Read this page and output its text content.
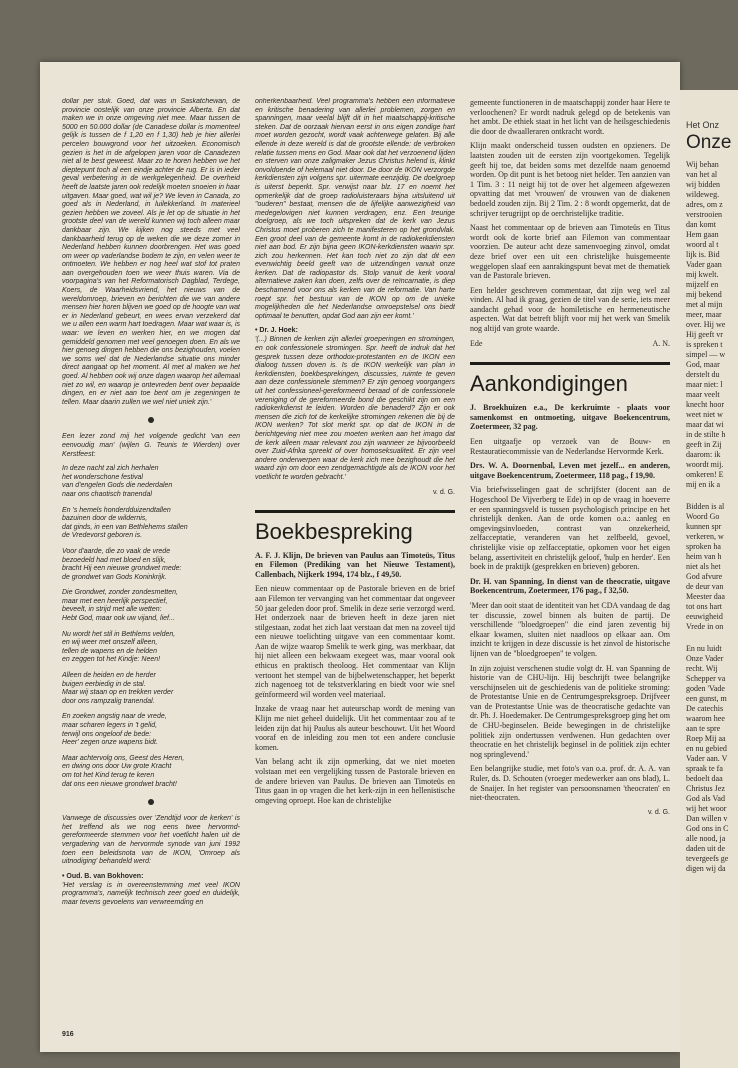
dollar per stuk. Goed, dat was in Saskatchewan, de provincie oostelijk van onze provincie Alberta. En dat maken we in onze omgeving niet mee. Maar tussen de 5000 en 50.000 dollar (de Canadese dollar is momenteel gelijk is tussen de f 1,20 en f 1,30) heb je hier allerlei percelen bouwgrond voor het uitzoeken. Economisch gezien is het in de afgelopen jaren voor de Canadezen niet al te best geweest. Maar zo te horen hebben we het dieptepunt toch al een eindje achter de rug. Er is in ieder geval verbetering in de werkgelegenheid. De overheid heeft de laatste jaren ook redelijk moeten snoeien in haar uitgaven. Maar goed, wat wil je? We leven in Canada, zo goed als in Nederland, in luilekkerland. In materieel gezien hebben we zoveel. Als je let op de situatie in het grootste deel van de wereld kunnen wij toch alleen maar dankbaar zijn. We kijken nog steeds met veel dankbaarheid terug op de weken die we deze zomer in Nederland hebben kunnen doorbrengen. Het was goed om weer op vaderlandse bodem te zijn, en velen weer te ontmoeten. We hebben er nog heel wat stof tot praten aan overgehouden toen we weer thuis waren. Via de voorpagina's van het Reformatorisch Dagblad, Terdege, Koers, de Waarheidsvriend, het nieuws van de wereldomroep, brieven en berichten die we van andere mensen hier horen blijven we goed op de hoogte van wat er in Nederland gebeurt, en wees ervan verzekerd dat we u allen een warm hart toedragen. Maar wat waar is, is waar: we leven en werken hier, en we mogen dat gemiddeld genomen met veel genoegen doen. En als we hier genoeg dingen hebben die ons bezighouden, voelen we soms wel dat de Nederlandse situatie ons minder direct aangaat op het moment. Al met al maken we het goed. Al hebben ook wij onze dagen waarop het allemaal niet zo wil, en waarop je ontevreden bent over bepaalde dingen, en er niet aan toe bent om je zegeningen te tellen. Maar daarin zullen we wel niet uniek zijn.'

Een lezer zond mij het volgende gedicht 'van een eenvoudig man' (wijlen G. Teunis te Wierden) over Kerstfeest:

In deze nacht zal zich herhalen
het wonderschone festival
van d'engelen Gods die nederdalen
naar ons chaotisch tranendal

En 's hemels honderdduizendtallen
bazuinen door de wildernis,
dat ginds, in een van Bethlehems stallen
de Vredevorst geboren is.

Voor d'aarde, die zo vaak de vrede
bezoedeld had met bloed en slijk,
bracht Hij een nieuwe grondwet mede:
de grondwet van Gods Koninkrijk.

Die Grondwet, zonder zondesmetten,
maar met een heerlijk perspectief,
beveelt, in strijd met alle wetten:
Hebt God, maar ook uw vijand, lief...

Nu wordt het stil in Bethlems velden,
en wij weer met onszelf alleen,
tellen de wapens en de helden
en zeggen tot het Kindje: Neen!

Alleen de heiden en de herder
buigen eerbiedig in de stal.
Maar wij staan op en trekken verder
door ons rampzalig tranendal.

En zoeken angstig naar de vrede,
maar scharen legers in 't gelid,
terwijl ons ongeloof de bede:
Heer' zegen onze wapens bidt.

Maar achtervolg ons, Geest des Heren,
en dwing ons door Uw grote Kracht
om tot het Kind terug te keren
dat ons een nieuwe grondwet bracht!

Vanwege de discussies over 'Zendtijd voor de kerken' is het treffend als we nog eens twee hervormd-gereformeerde stemmen voor het voetlicht halen uit de vergadering van de hervormde synode van juni 1992 toen een beleidsnota van de IKON, 'Omroep als uitnodiging' behandeld werd:

• Oud. B. van Bokhoven:

'Het verslag is in overeenstemming met veel IKON programma's, namelijk technisch zeer goed en duidelijk, maar tevens gevoelens van verwreemding en

onherkenbaarheid. Veel programma's hebben een informatieve en kritische benadering van allerlei problemen, zorgen en spanningen, maar veelal blijft dit in het maatschappij-kritische steken. Dat de oorzaak hiervan eerst in ons eigen zondige hart moet worden gezocht, wordt vaak achterwege gelaten. Bij alle ellende in deze wereld is dat de grootste ellende: de verbroken relatie tussen mens en God. Maar ook dat het verzoenend lijden en sterven van onze zaligmaker Jezus Christus helend is, klinkt onvoldoende of helemaal niet door. De door de IKON verzorgde kerkdiensten zijn volgens spr. uitermate eenzijdig. De doelgroep is uiterst beperkt. Spr. verwijst naar blz. 17 en noemt het opmerkelijk dat de groep radioluisteraars bijna uitsluitend uit "ouderen" bestaat, mensen die de lijfelijke aanwezigheid van medegelovigen niet kunnen verdragen, enz. Een treurige doelgroep, als we toch uitspreken dat de kerk van Jezus Christus moet proberen zich te manifesteren op het grondvlak. Een groot deel van de gemeente komt in de radiokerkdiensten niet aan bod. Er zijn bijna geen IKON-kerkdiensten waarin spr. zich zou herkennen. Het kan toch niet zo zijn dat dit een evenwichtig beeld geeft van de uitzendingen vanuit onze kerken. Dat de radiopastor ds. Stolp vanuit de kerk vooral alternatieve zaken kan doen, zelfs over de reïncarnatie, is diep beschamend voor ons als kerken van de reformatie. Van harte roept spr. het bestuur van de IKON op om de unieke mogelijkheden die het Nederlandse omroepstelsel ons biedt optimaal te benutten, opdat God aan zijn eer komt.'

• Dr. J. Hoek:

'(...) Binnen de kerken zijn allerlei groeperingen en stromingen, en ook confessionele stromingen. Spr. heeft de indruk dat het gesprek tussen deze orthodox-protestanten en de IKON een dialoog tussen doven is. Is de IKON werkelijk van plan in kerkdiensten, boekbesprekingen, discussies, ruimte te geven aan deze confessionele stemmen? Er zijn genoeg voorgangers uit het confessioneel-gereformeerd beraad of de confessionele vereniging of de gereformeerde bond die geschikt zijn om een radiokerkdienst te leiden. Worden die benaderd? Zijn er ook mensen die zich tot de kerkelijke stromingen rekenen die bij de IKON werken? Tot slot merkt spr. op dat de IKON in de berichtgeving niet mee zou moeten werken aan het imago dat de kerk alleen maar relevant zou zijn wanneer ze bijvoorbeeld over Zuid-Afrika spreekt of over homoseksualiteit. Er zijn veel andere onderwerpen waar de kerk zich mee bezighoudt die het waard zijn om door een zendgemachtigde als de IKON voor het voetlicht te worden gebracht.'

v. d. G.
Boekbespreking

A. F. J. Klijn, De brieven van Paulus aan Timoteüs, Titus en Filemon (Prediking van het Nieuwe Testament), Callenbach, Nijkerk 1994, 174 blz., f 49,50.

Een nieuw commentaar op de Pastorale brieven en de brief aan Filemon ter vervanging van het commentaar dat ongeveer 50 jaar geleden door prof. Smelik in deze serie verzorgd werd. Het onderzoek naar de brieven heeft in deze jaren niet stilgestaan, zodat het zich laat verstaan dat men na zoveel tijd een nieuwe toelichting uitgave van een commentaar komt. Aan de wijze waarop Smelik te werk ging, was merkbaar, dat hij niet alleen een bekwaam exegeet was, maar vooral ook ethicus en praktisch theoloog. Het commentaar van Klijn vertoont het stempel van de bijbelwetenschapper, het beperkt zich nagenoeg tot de tekstverklaring en biedt voor wie snel geïnformeerd wil worden veel materiaal.

Inzake de vraag naar het auteurschap wordt de mening van Klijn me niet geheel duidelijk. Uit het commentaar zou af te leiden zijn dat hij Paulus als auteur beschouwt. Uit het Woord vooraf en de inleiding zou men tot een andere conclusie komen.

Van belang acht ik zijn opmerking, dat we niet moeten volstaan met een vergelijking tussen de Pastorale brieven en de andere brieven van Paulus. De brieven aan Timoteüs en Titus gaan in op vragen die het kerk-zijn in een hellenistische omgeving oproept. Hoe kan de christelijke

gemeente functioneren in de maatschappij zonder haar Here te verloochenen? Er wordt nadruk gelegd op de betekenis van het ambt. De ethiek staat in het licht van de heilsgeschiedenis die door de dwaalleraren ontkracht wordt.

Klijn maakt onderscheid tussen oudsten en opzieners. De laatsten zouden uit de eersten zijn voortgekomen. Tegelijk geeft hij toe, dat beiden soms met dezelfde naam genoemd worden. Op dit punt is het betoog niet helder. Ten aanzien van 1 Tim. 3 : 11 neigt hij tot de over het algemeen afgewezen opvatting dat met 'vrouwen' de vrouwen van de diakenen bedoeld zouden zijn. Bij 2 Tim. 2 : 8 wordt opgemerkt, dat de schrijver terugrijpt op de oerchristelijke traditie.

Naast het commentaar op de brieven aan Timoteüs en Titus wordt ook de korte brief aan Filemon van commentaar voorzien. De auteur acht deze samenvoeging zinvol, omdat deze brief over een uit een christelijke huisgemeente weggelopen slaaf een aanrakingspunt bevat met de thematiek van de Pastorale brieven.

Een helder geschreven commentaar, dat zijn weg wel zal vinden. Al had ik graag, gezien de titel van de serie, iets meer aandacht gehad voor de homiletische en hermeneutische aspecten. Wat dat betreft blijft voor mij het werk van Smelik nog altijd van grote waarde.

Ede	A. N.
Aankondigingen

J. Broekhuizen e.a., De kerkruimte - plaats voor samenkomst en ontmoeting, uitgave Boekencentrum, Zoetermeer, 32 pag.

Een uitgaafje op verzoek van de Bouw- en Restauratiecommissie van de Nederlandse Hervormde Kerk.

Drs. W. A. Doornenbal, Leven met jezelf... en anderen, uitgave Boekencentrum, Zoetermeer, 118 pag., f 19,90.

Via briefwisselingen gaat de schrijfster (docent aan de Hogeschool De Vijverberg te Ede) in op de vraag in hoeverre er een spanningsveld is tussen psychologisch principe en het christelijk denken. Aan de orde komen o.a.: aanleg en omgevingsinvloeden, contrast van onzekerheid, zelfacceptatie, veranderen van het zelfbeeld, gevoel, christelijke visie op zelfacceptatie, opkomen voor het eigen belang, assertiviteit en christelijk geloof, 'hulp en herder'. Een boek in de praktijk (gesprekken en brieven) geboren.

Dr. H. van Spanning, In dienst van de theocratie, uitgave Boekencentrum, Zoetermeer, 176 pag., f 32,50.

'Meer dan ooit staat de identiteit van het CDA vandaag de dag ter discussie, zowel binnen als buiten de partij. De verschillende "bloedgroepen" die eind jaren zeventig bij elkaar kwamen, sluiten niet naadloos op elkaar aan. Om inzicht te krijgen in deze discussie is het zinvol de historische lijnen van de "bloedgroepen" te volgen.

In zijn zojuist verschenen studie volgt dr. H. van Spanning de historie van de CHU-lijn. Hij beschrijft twee belangrijke verschijnselen uit de geschiedenis van de politieke stroming: de Protestantse Unie en de Centrumgespreksgroep. Drijfveer van de Protestantse Unie was de theocratische gedachte van dr. Ph. J. Hoedemaker. De Centrumgespreksgroep ging het om de CHU-beginselen. Beide bewegingen in de christelijke politiek zijn ondertussen verdwenen. Hun gedachten over theocratie en het christelijk beginsel in de politiek zijn echter nog springlevend.'

Een belangrijke studie, met foto's van o.a. prof. dr. A. A. van Ruler, ds. D. Schouten (vroeger medewerker aan ons blad), L. de Snaijer. In het register van persoonsnamen 'theocraten' en niet-theocraten.

v. d. G.
916
Het Onz
Onze
Wij behan
van het al
wij bidden
wildeweg.
adres, om z
verstrooien
dan komt
Hem gaan
woord al t
lijk is. Bid
Vader gaan
mij kwelt.
mijzelf en
mij bekend
met al mijn
meer, maar
over. Hij we
Hij geeft vr
is spreken t
simpel — w
God, maar
derstelt du
maar niet: l
maar veelt
knecht hoor
weet niet w
maar dat wi
in de stilte h
geeft in Zij
daarom: ik
woordt mij.
omkeren! E
mij en ik a
Bidden is al
Woord Go
kunnen spr
verkeren, w
sproken ha
heim van h
niet als het
God afvure
de deur van
Meester daa
tot ons hart
eeuwigheid
Vrede in on
En nu luidt
Onze Vader
recht. Wij
Schepper va
goden 'Vade
een gunst, m
De catechis
waarom hee
aan te spre
Roep Mij aa
en nu gebied
Vader aan. V
spraak te fa
bedoelt daa
Christus Jez
God als Vad
wij het woor
Dan willen v
God ons in C
alle nood, ja
daden uit de
tevergeefs ge
digen wij da
